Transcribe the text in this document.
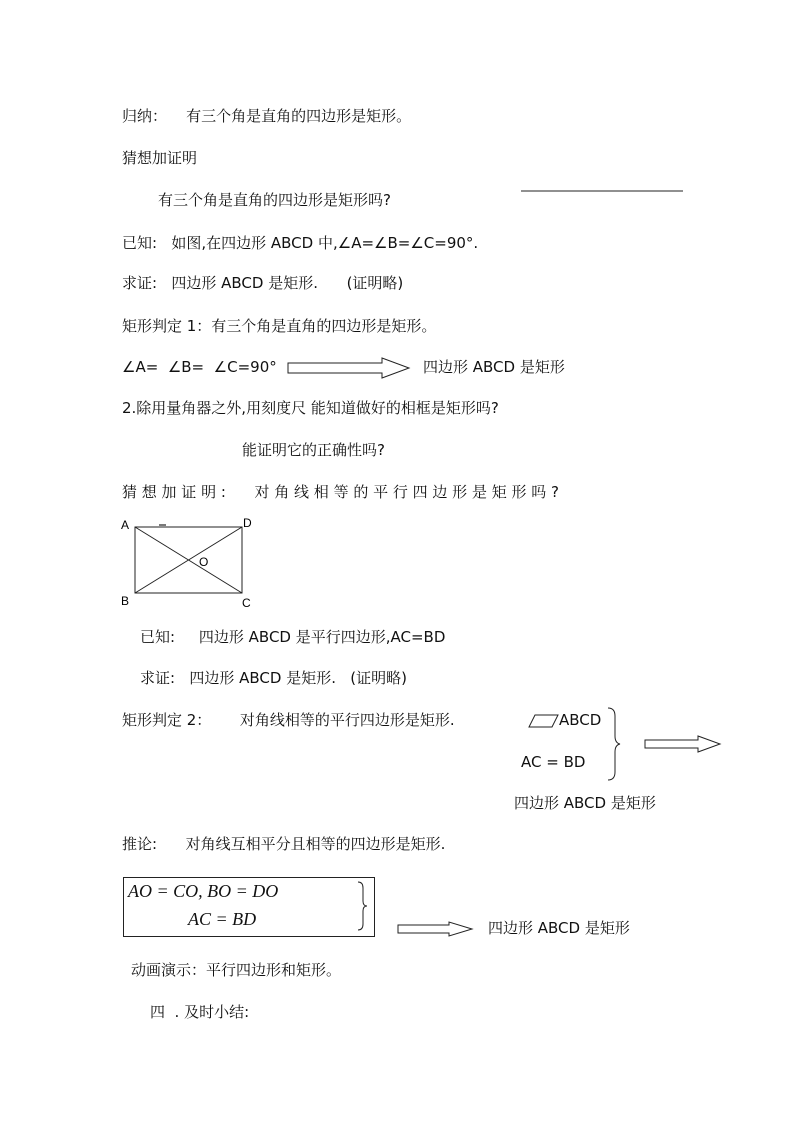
归纳：    有三个角是直角的四边形是矩形。
猜想加证明
有三个角是直角的四边形是矩形吗?
已知:   如图,在四边形 ABCD 中,∠A=∠B=∠C=90°.
求证:   四边形 ABCD 是矩形.      (证明略)
矩形判定 1：有三个角是直角的四边形是矩形。
∠A=  ∠B=  ∠C=90°	四边形 ABCD 是矩形
2.除用量角器之外,用刻度尺 能知道做好的相框是矩形吗?
能证明它的正确性吗?
猜 想 加 证 明 :      对 角 线 相 等 的 平 行 四 边 形 是 矩 形 吗 ?
A	D
O
B	C
已知:     四边形 ABCD 是平行四边形,AC=BD
求证:   四边形 ABCD 是矩形.   (证明略)
矩形判定 2：      对角线相等的平行四边形是矩形.	ABCD
AC = BD
四边形 ABCD 是矩形
推论:      对角线互相平分且相等的四边形是矩形.
AO = CO, BO = DO
AC = BD	四边形 ABCD 是矩形
动画演示：平行四边形和矩形。
四  . 及时小结:
